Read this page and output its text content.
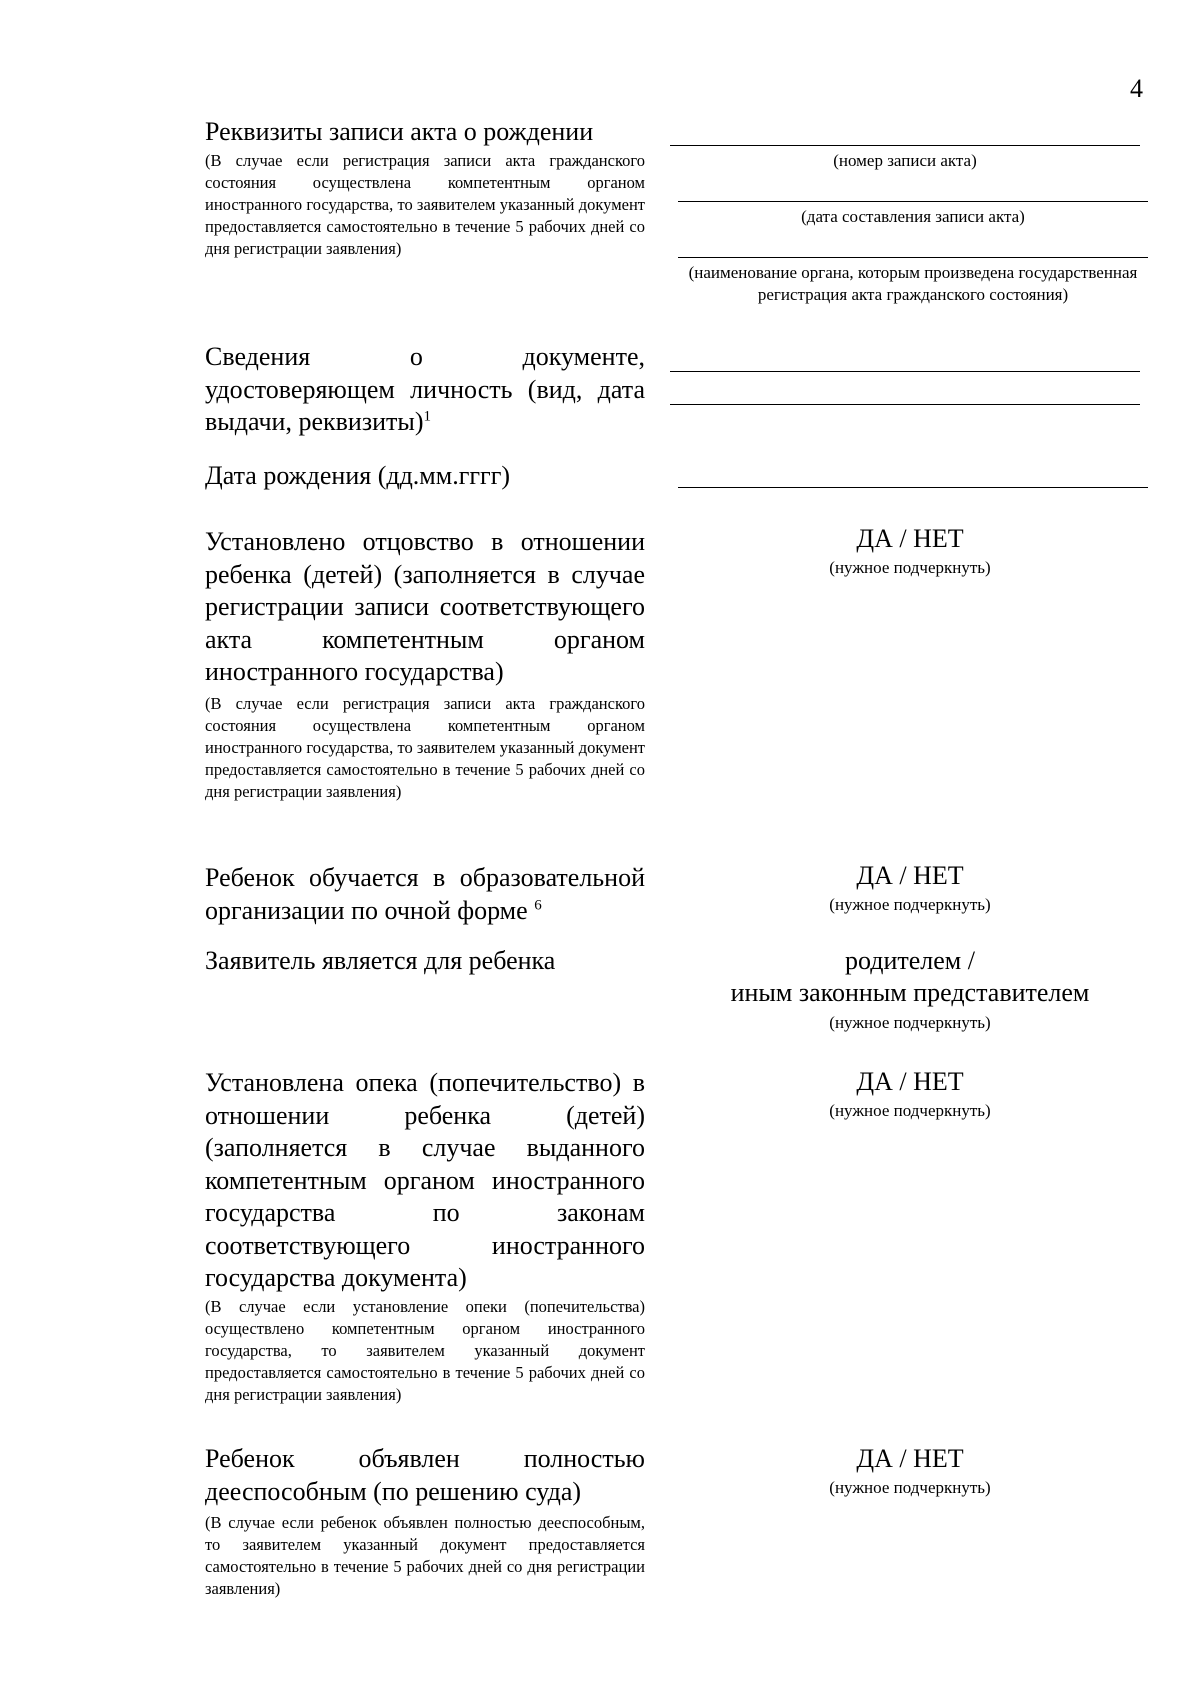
4
Реквизиты записи акта о рождении
(В случае если регистрация записи акта гражданского состояния осуществлена компетентным органом иностранного государства, то заявителем указанный документ предоставляется самостоятельно в течение 5 рабочих дней со дня регистрации заявления)
(номер записи акта)
(дата составления записи акта)
(наименование органа, которым произведена государственная регистрация акта гражданского состояния)
Сведения о документе, удостоверяющем личность (вид, дата выдачи, реквизиты)$^1$
Дата рождения (дд.мм.гггг)
Установлено отцовство в отношении ребенка (детей) (заполняется в случае регистрации записи соответствующего акта компетентным органом иностранного государства)
(В случае если регистрация записи акта гражданского состояния осуществлена компетентным органом иностранного государства, то заявителем указанный документ предоставляется самостоятельно в течение 5 рабочих дней со дня регистрации заявления)
ДА / НЕТ
(нужное подчеркнуть)
Ребенок обучается в образовательной организации по очной форме $^6$
ДА / НЕТ
(нужное подчеркнуть)
Заявитель является для ребенка	родителем /
иным законным представителем
(нужное подчеркнуть)
Установлена опека (попечительство) в отношении ребенка (детей) (заполняется в случае выданного компетентным органом иностранного государства по законам соответствующего иностранного государства документа)
(В случае если установление опеки (попечительства) осуществлено компетентным органом иностранного государства, то заявителем указанный документ предоставляется самостоятельно в течение 5 рабочих дней со дня регистрации заявления)
ДА / НЕТ
(нужное подчеркнуть)
Ребенок объявлен полностью дееспособным (по решению суда)
(В случае если ребенок объявлен полностью дееспособным, то заявителем указанный документ предоставляется самостоятельно в течение 5 рабочих дней со дня регистрации заявления)
ДА / НЕТ
(нужное подчеркнуть)
